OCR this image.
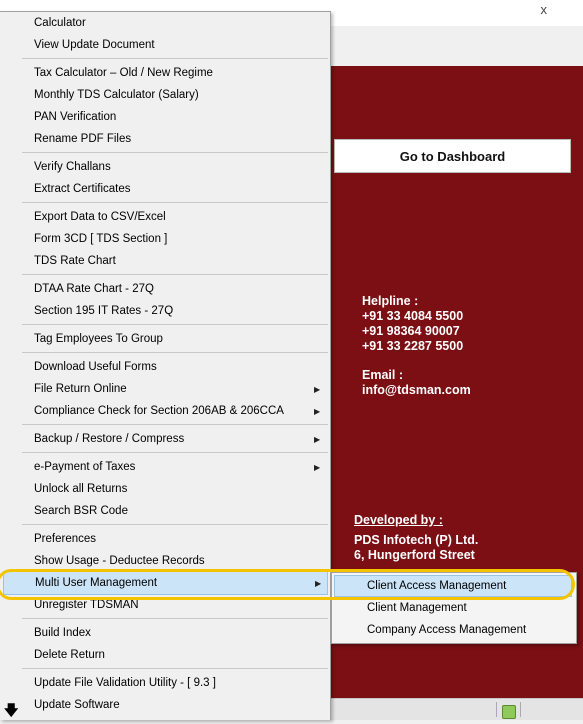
x
Go to Dashboard
Helpline :
+91 33 4084 5500
+91 98364 90007
+91 33 2287 5500
Email :
info@tdsman.com
Developed by :
PDS Infotech (P) Ltd.
6, Hungerford Street
Calculator
View Update Document
Tax Calculator – Old / New Regime
Monthly TDS Calculator (Salary)
PAN Verification
Rename PDF Files
Verify Challans
Extract Certificates
Export Data to CSV/Excel
Form 3CD [ TDS Section ]
TDS Rate Chart
DTAA Rate Chart - 27Q
Section 195 IT Rates - 27Q
Tag Employees To Group
Download Useful Forms
File Return Online	▶
Compliance Check for Section 206AB & 206CCA	▶
Backup / Restore / Compress	▶
e-Payment of Taxes	▶
Unlock all Returns
Search BSR Code
Preferences
Show Usage - Deductee Records
Multi User Management	▶
Unregister TDSMAN
Build Index
Delete Return
Update File Validation Utility - [ 9.3 ]
Update Software
🡇
Client Access Management
Client Management
Company Access Management
